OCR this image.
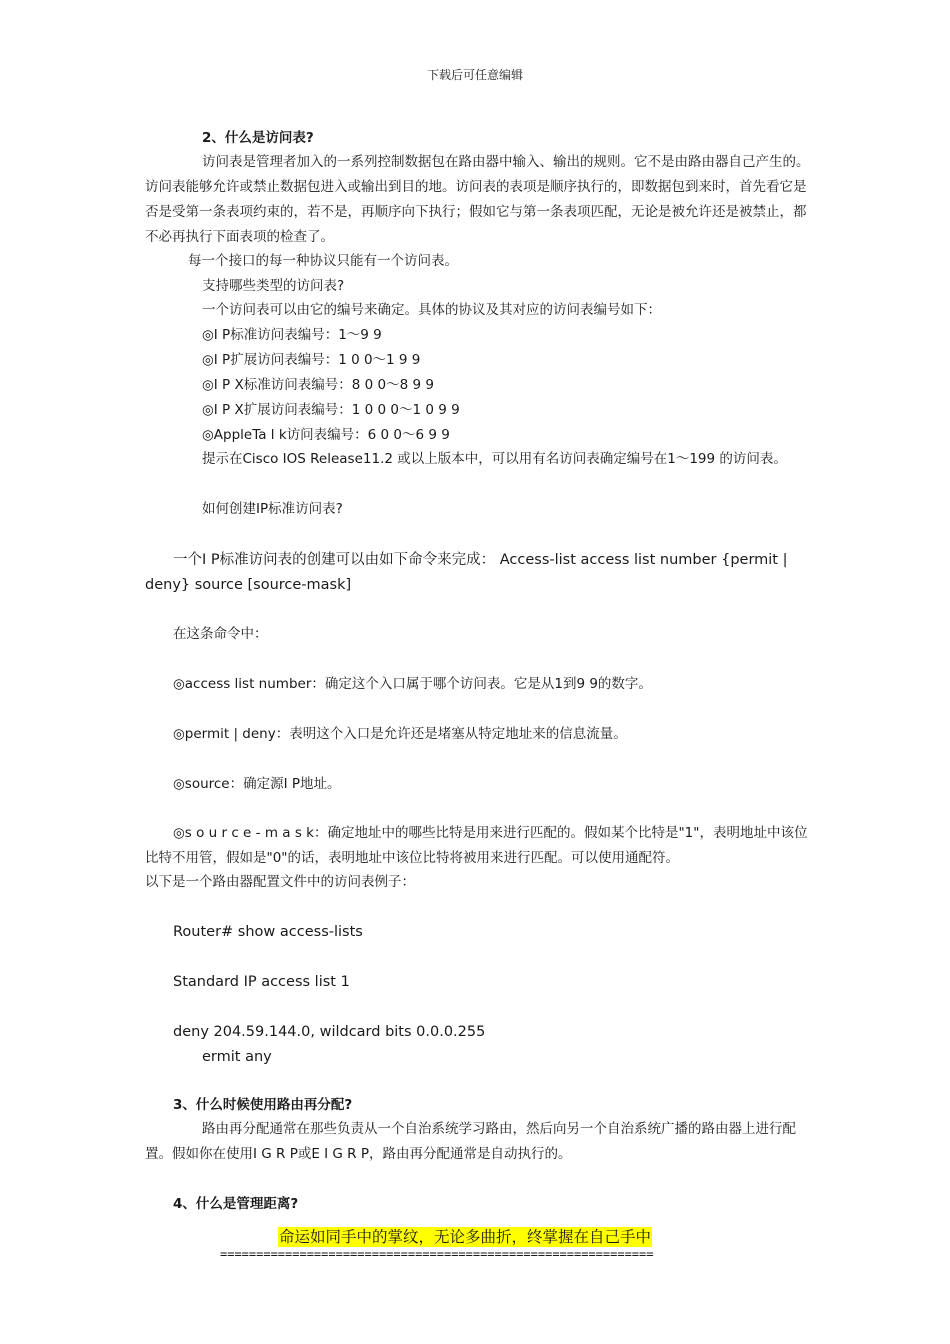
下载后可任意编辑
2、什么是访问表?
访问表是管理者加入的一系列控制数据包在路由器中输入、输出的规则。它不是由路由器自己产生的。访问表能够允许或禁止数据包进入或输出到目的地。访问表的表项是顺序执行的，即数据包到来时，首先看它是否是受第一条表项约束的，若不是，再顺序向下执行；假如它与第一条表项匹配，无论是被允许还是被禁止，都不必再执行下面表项的检查了。
每一个接口的每一种协议只能有一个访问表。
支持哪些类型的访问表?
一个访问表可以由它的编号来确定。具体的协议及其对应的访问表编号如下：
◎I P标准访问表编号：1～9 9
◎I P扩展访问表编号：1 0 0～1 9 9
◎I P X标准访问表编号：8 0 0～8 9 9
◎I P X扩展访问表编号：1 0 0 0～1 0 9 9
◎AppleTa l k访问表编号：6 0 0～6 9 9
提示在Cisco IOS Release11.2 或以上版本中，可以用有名访问表确定编号在1～199 的访问表。
如何创建IP标准访问表?
一个I P标准访问表的创建可以由如下命令来完成： Access-list access list number {permit | deny} source [source-mask]
在这条命令中：
◎access list number：确定这个入口属于哪个访问表。它是从1到9 9的数字。
◎permit | deny：表明这个入口是允许还是堵塞从特定地址来的信息流量。
◎source：确定源I P地址。
◎s o u r c e - m a s k：确定地址中的哪些比特是用来进行匹配的。假如某个比特是"1"，表明地址中该位比特不用管，假如是"0"的话，表明地址中该位比特将被用来进行匹配。可以使用通配符。
以下是一个路由器配置文件中的访问表例子：
Router# show access-lists
Standard IP access list 1
deny 204.59.144.0, wildcard bits 0.0.0.255
ermit any
3、什么时候使用路由再分配?
路由再分配通常在那些负责从一个自治系统学习路由，然后向另一个自治系统广播的路由器上进行配置。假如你在使用I G R P或E I G R P，路由再分配通常是自动执行的。
4、什么是管理距离?
命运如同手中的掌纹，无论多曲折，终掌握在自己手中
============================================================
